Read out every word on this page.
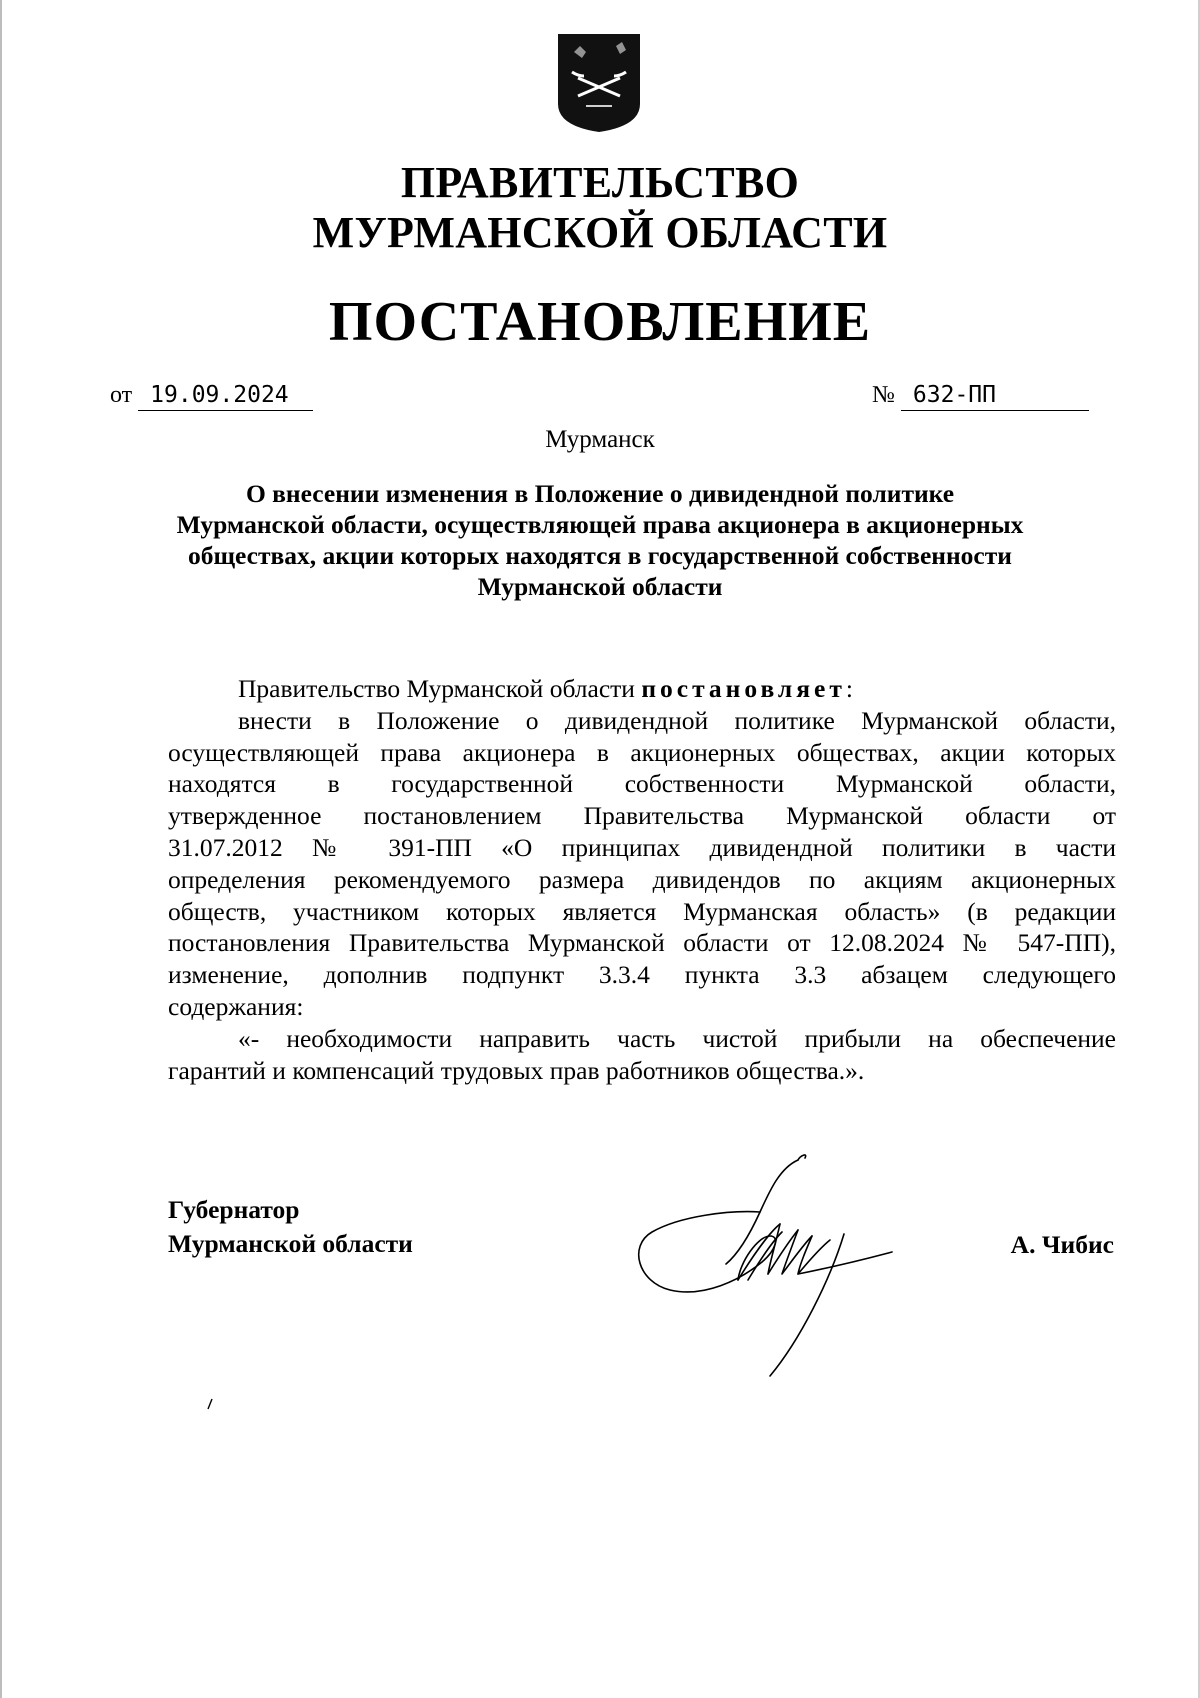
ПРАВИТЕЛЬСТВО
МУРМАНСКОЙ ОБЛАСТИ
ПОСТАНОВЛЕНИЕ
от 19.09.2024	№ 632-ПП
Мурманск
О внесении изменения в Положение о дивидендной политике
Мурманской области, осуществляющей права акционера в акционерных
обществах, акции которых находятся в государственной собственности
Мурманской области
Правительство Мурманской области постановляет:
внести в Положение о дивидендной политике Мурманской области,
осуществляющей права акционера в акционерных обществах, акции которых
находятся в государственной собственности Мурманской области,
утвержденное постановлением Правительства Мурманской области от
31.07.2012 № 391-ПП «О принципах дивидендной политики в части
определения рекомендуемого размера дивидендов по акциям акционерных
обществ, участником которых является Мурманская область» (в редакции
постановления Правительства Мурманской области от 12.08.2024 № 547-ПП),
изменение, дополнив подпункт 3.3.4 пункта 3.3 абзацем следующего
содержания:
«- необходимости направить часть чистой прибыли на обеспечение
гарантий и компенсаций трудовых прав работников общества.».
Губернатор
Мурманской области	А. Чибис
